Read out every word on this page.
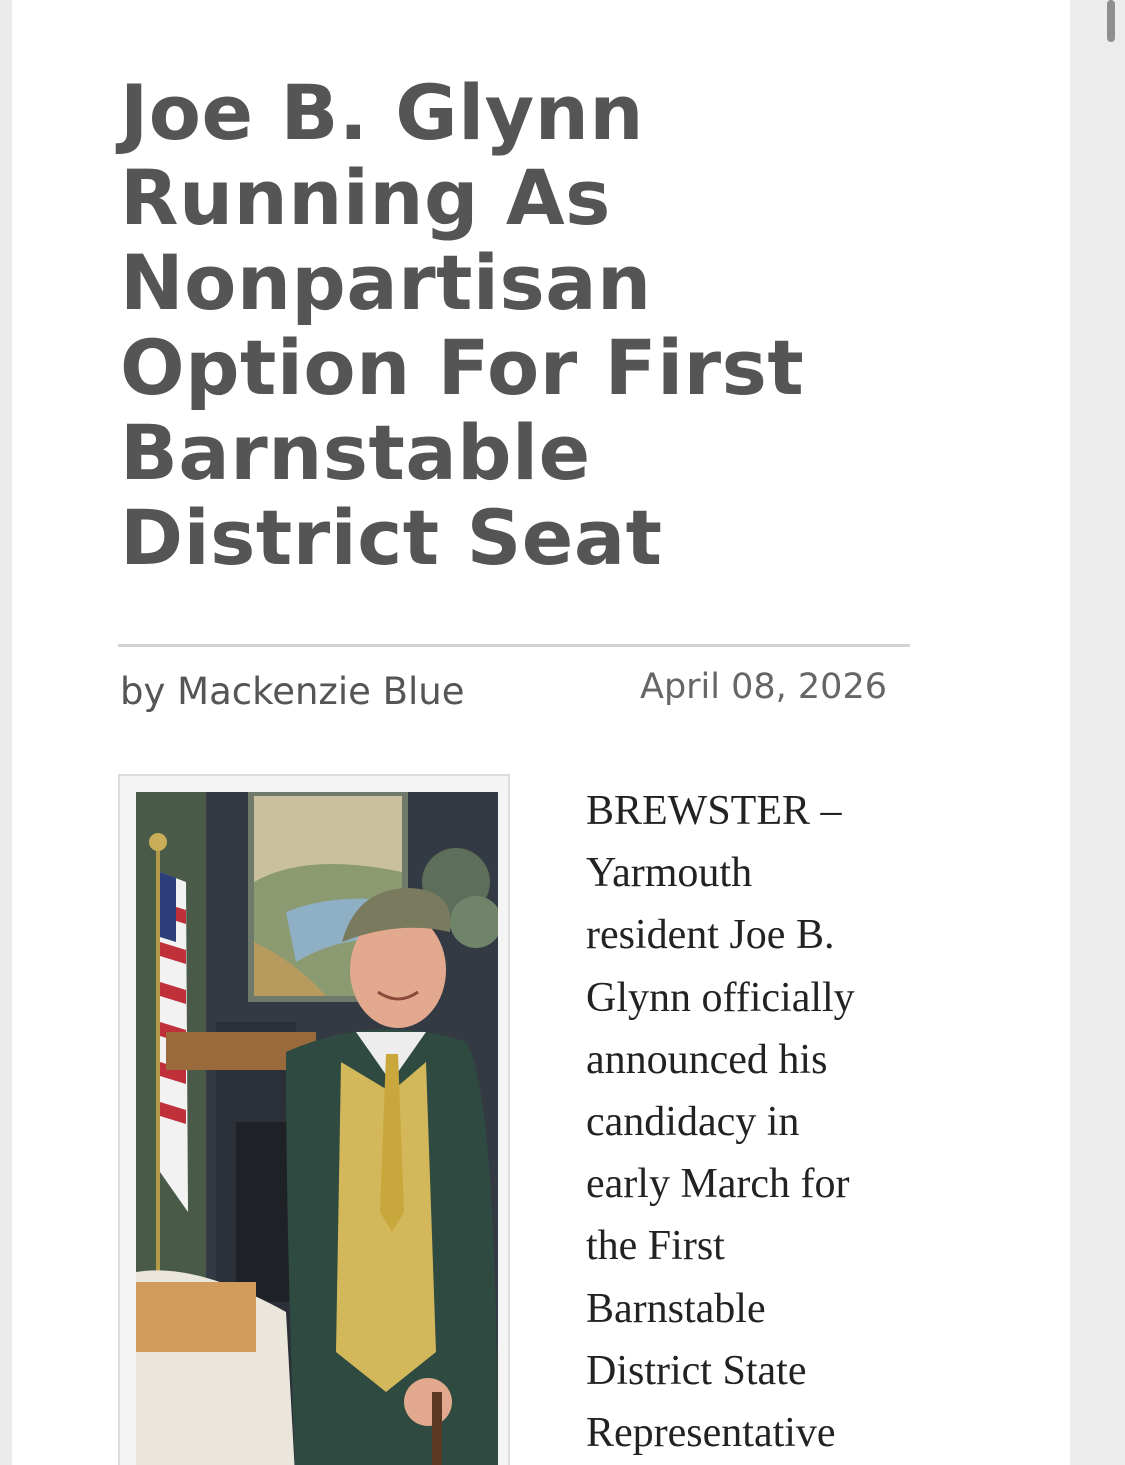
Joe B. Glynn
Running As
Nonpartisan
Option For First
Barnstable
District Seat
by Mackenzie Blue	April 08, 2026
BREWSTER –
Yarmouth
resident Joe B.
Glynn officially
announced his
candidacy in
early March for
the First
Barnstable
District State
Representative
